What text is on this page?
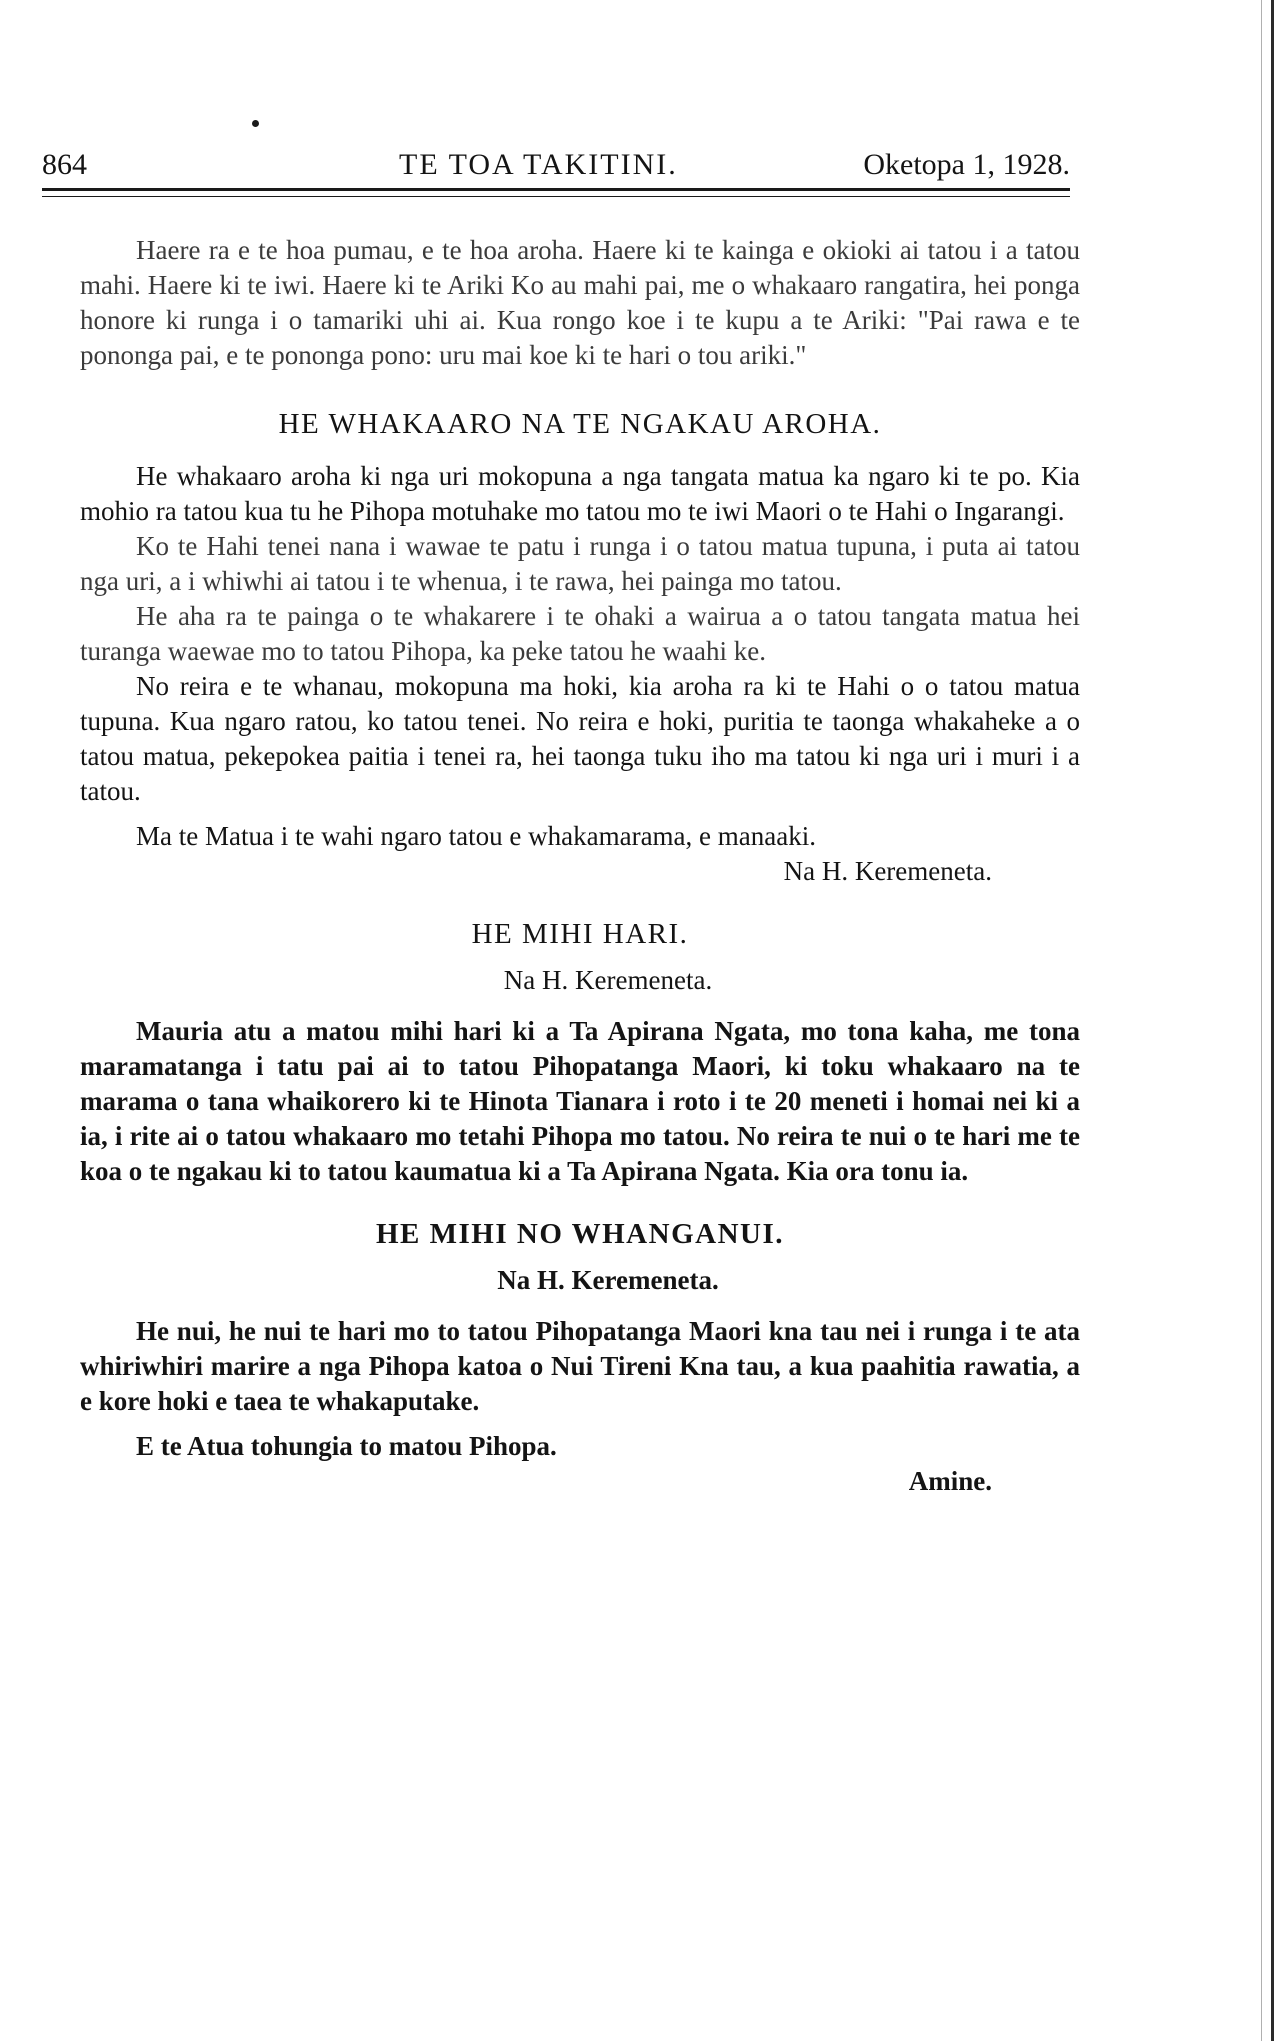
864	TE TOA TAKITINI.	Oketopa 1, 1928.

Haere ra e te hoa pumau, e te hoa aroha. Haere ki te kainga e okioki ai tatou i a tatou mahi. Haere ki te iwi. Haere ki te Ariki Ko au mahi pai, me o whakaaro rangatira, hei ponga honore ki runga i o tamariki uhi ai. Kua rongo koe i te kupu a te Ariki: "Pai rawa e te pononga pai, e te pononga pono: uru mai koe ki te hari o tou ariki."

HE WHAKAARO NA TE NGAKAU AROHA.

He whakaaro aroha ki nga uri mokopuna a nga tangata matua ka ngaro ki te po. Kia mohio ra tatou kua tu he Pihopa motuhake mo tatou mo te iwi Maori o te Hahi o Ingarangi.

Ko te Hahi tenei nana i wawae te patu i runga i o tatou matua tupuna, i puta ai tatou nga uri, a i whiwhi ai tatou i te whenua, i te rawa, hei painga mo tatou.

He aha ra te painga o te whakarere i te ohaki a wairua a o tatou tangata matua hei turanga waewae mo to tatou Pihopa, ka peke tatou he waahi ke.

No reira e te whanau, mokopuna ma hoki, kia aroha ra ki te Hahi o o tatou matua tupuna. Kua ngaro ratou, ko tatou tenei. No reira e hoki, puritia te taonga whakaheke a o tatou matua, pekepokea paitia i tenei ra, hei taonga tuku iho ma tatou ki nga uri i muri i a tatou.

Ma te Matua i te wahi ngaro tatou e whakamarama, e manaaki.

Na H. Keremeneta.

HE MIHI HARI.

Na H. Keremeneta.

Mauria atu a matou mihi hari ki a Ta Apirana Ngata, mo tona kaha, me tona maramatanga i tatu pai ai to tatou Pihopatanga Maori, ki toku whakaaro na te marama o tana whaikorero ki te Hinota Tianara i roto i te 20 meneti i homai nei ki a ia, i rite ai o tatou whakaaro mo tetahi Pihopa mo tatou. No reira te nui o te hari me te koa o te ngakau ki to tatou kaumatua ki a Ta Apirana Ngata. Kia ora tonu ia.

HE MIHI NO WHANGANUI.

Na H. Keremeneta.

He nui, he nui te hari mo to tatou Pihopatanga Maori kna tau nei i runga i te ata whiriwhiri marire a nga Pihopa katoa o Nui Tireni Kna tau, a kua paahitia rawatia, a e kore hoki e taea te whakaputake.

E te Atua tohungia to matou Pihopa.

Amine.
